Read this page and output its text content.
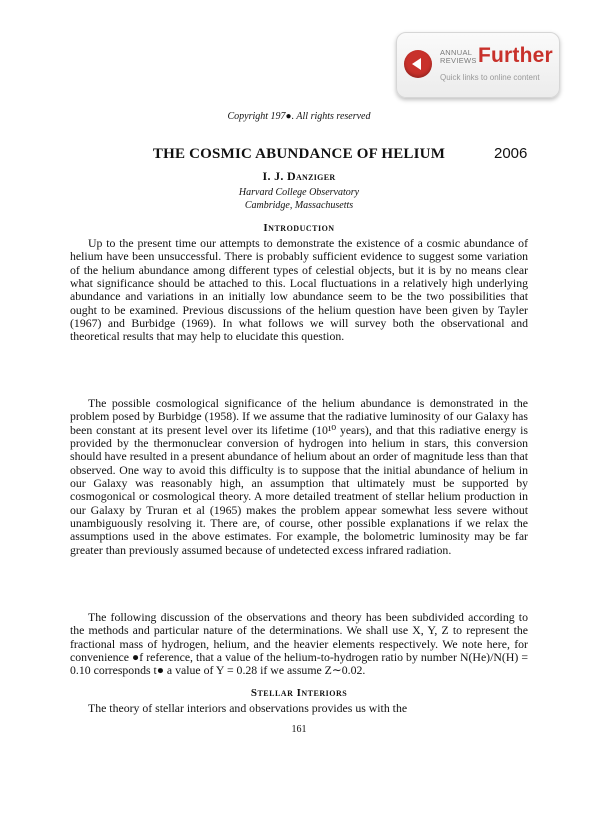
ANNUAL
REVIEWS Further
Quick links to online content
Copyright 197●. All rights reserved
THE COSMIC ABUNDANCE OF HELIUM	2006
I. J. Danziger
Harvard College Observatory
Cambridge, Massachusetts
Introduction

Up to the present time our attempts to demonstrate the existence of a cosmic abundance of helium have been unsuccessful. There is probably sufficient evidence to suggest some variation of the helium abundance among different types of celestial objects, but it is by no means clear what significance should be attached to this. Local fluctuations in a relatively high underlying abundance and variations in an initially low abundance seem to be the two possibilities that ought to be examined. Previous discussions of the helium question have been given by Tayler (1967) and Burbidge (1969). In what follows we will survey both the observational and theoretical results that may help to elucidate this question.

The possible cosmological significance of the helium abundance is demonstrated in the problem posed by Burbidge (1958). If we assume that the radiative luminosity of our Galaxy has been constant at its present level over its lifetime (10¹⁰ years), and that this radiative energy is provided by the thermonuclear conversion of hydrogen into helium in stars, this conversion should have resulted in a present abundance of helium about an order of magnitude less than that observed. One way to avoid this difficulty is to suppose that the initial abundance of helium in our Galaxy was reasonably high, an assumption that ultimately must be supported by cosmogonical or cosmological theory. A more detailed treatment of stellar helium production in our Galaxy by Truran et al (1965) makes the problem appear somewhat less severe without unambiguously resolving it. There are, of course, other possible explanations if we relax the assumptions used in the above estimates. For example, the bolometric luminosity may be far greater than previously assumed because of undetected excess infrared radiation.

The following discussion of the observations and theory has been subdivided according to the methods and particular nature of the determinations. We shall use X, Y, Z to represent the fractional mass of hydrogen, helium, and the heavier elements respectively. We note here, for convenience ●f reference, that a value of the helium-to-hydrogen ratio by number N(He)/N(H) = 0.10 corresponds t● a value of Y = 0.28 if we assume Z∼0.02.

Stellar Interiors

The theory of stellar interiors and observations provides us with the

161
